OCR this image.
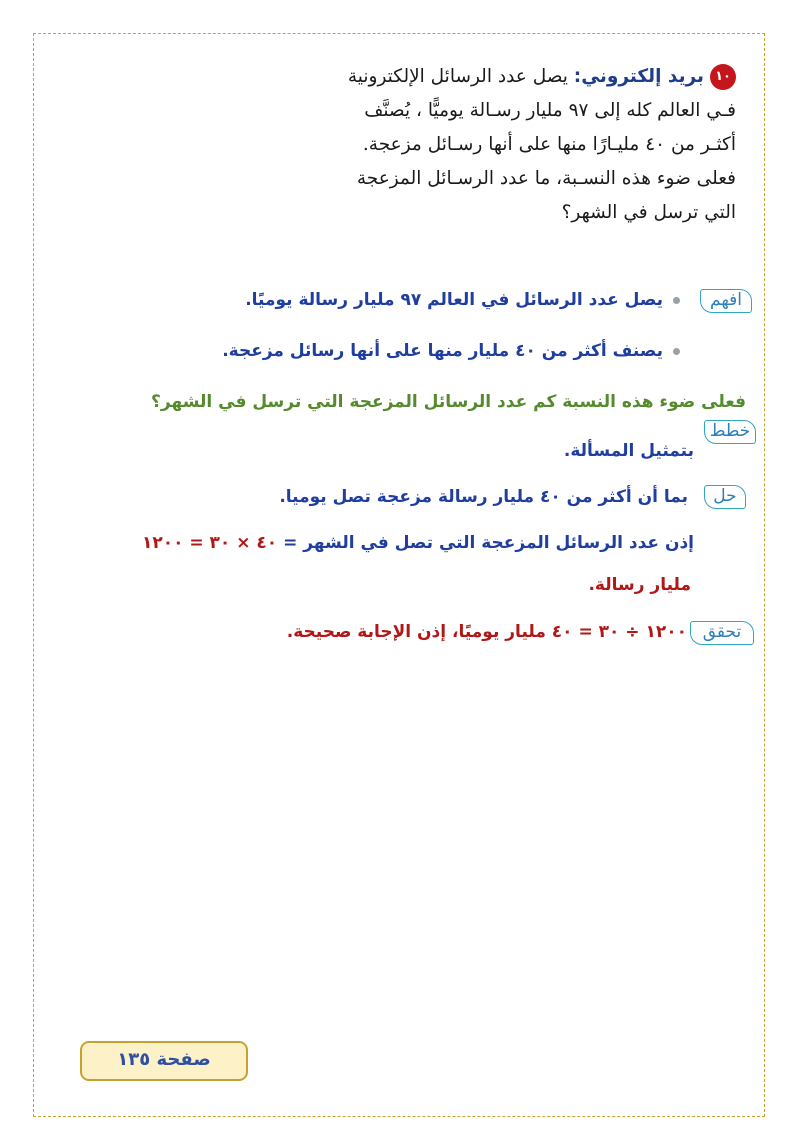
١٠بريد إلكتروني: يصل عدد الرسائل الإلكترونية
فـي العالم كله إلى ٩٧ مليار رسـالة يوميًّا ، يُصنَّف
أكثـر من ٤٠ مليـارًا منها على أنها رسـائل مزعجة.
فعلى ضوء هذه النسـبة، ما عدد الرسـائل المزعجة
التي ترسل في الشهر؟
افهم
يصل عدد الرسائل في العالم ٩٧ مليار رسالة يوميًا.
يصنف أكثر من ٤٠ مليار منها على أنها رسائل مزعجة.
فعلى ضوء هذه النسبة كم عدد الرسائل المزعجة التي ترسل في الشهر؟
خطط
بتمثيل المسألة.
حل
بما أن أكثر من ٤٠ مليار رسالة مزعجة تصل يوميا.
إذن عدد الرسائل المزعجة التي تصل في الشهر = ٤٠ × ٣٠ = ١٢٠٠
مليار رسالة.
تحقق
١٢٠٠ ÷ ٣٠ = ٤٠ مليار يوميًا، إذن الإجابة صحيحة.
صفحة ١٣٥
